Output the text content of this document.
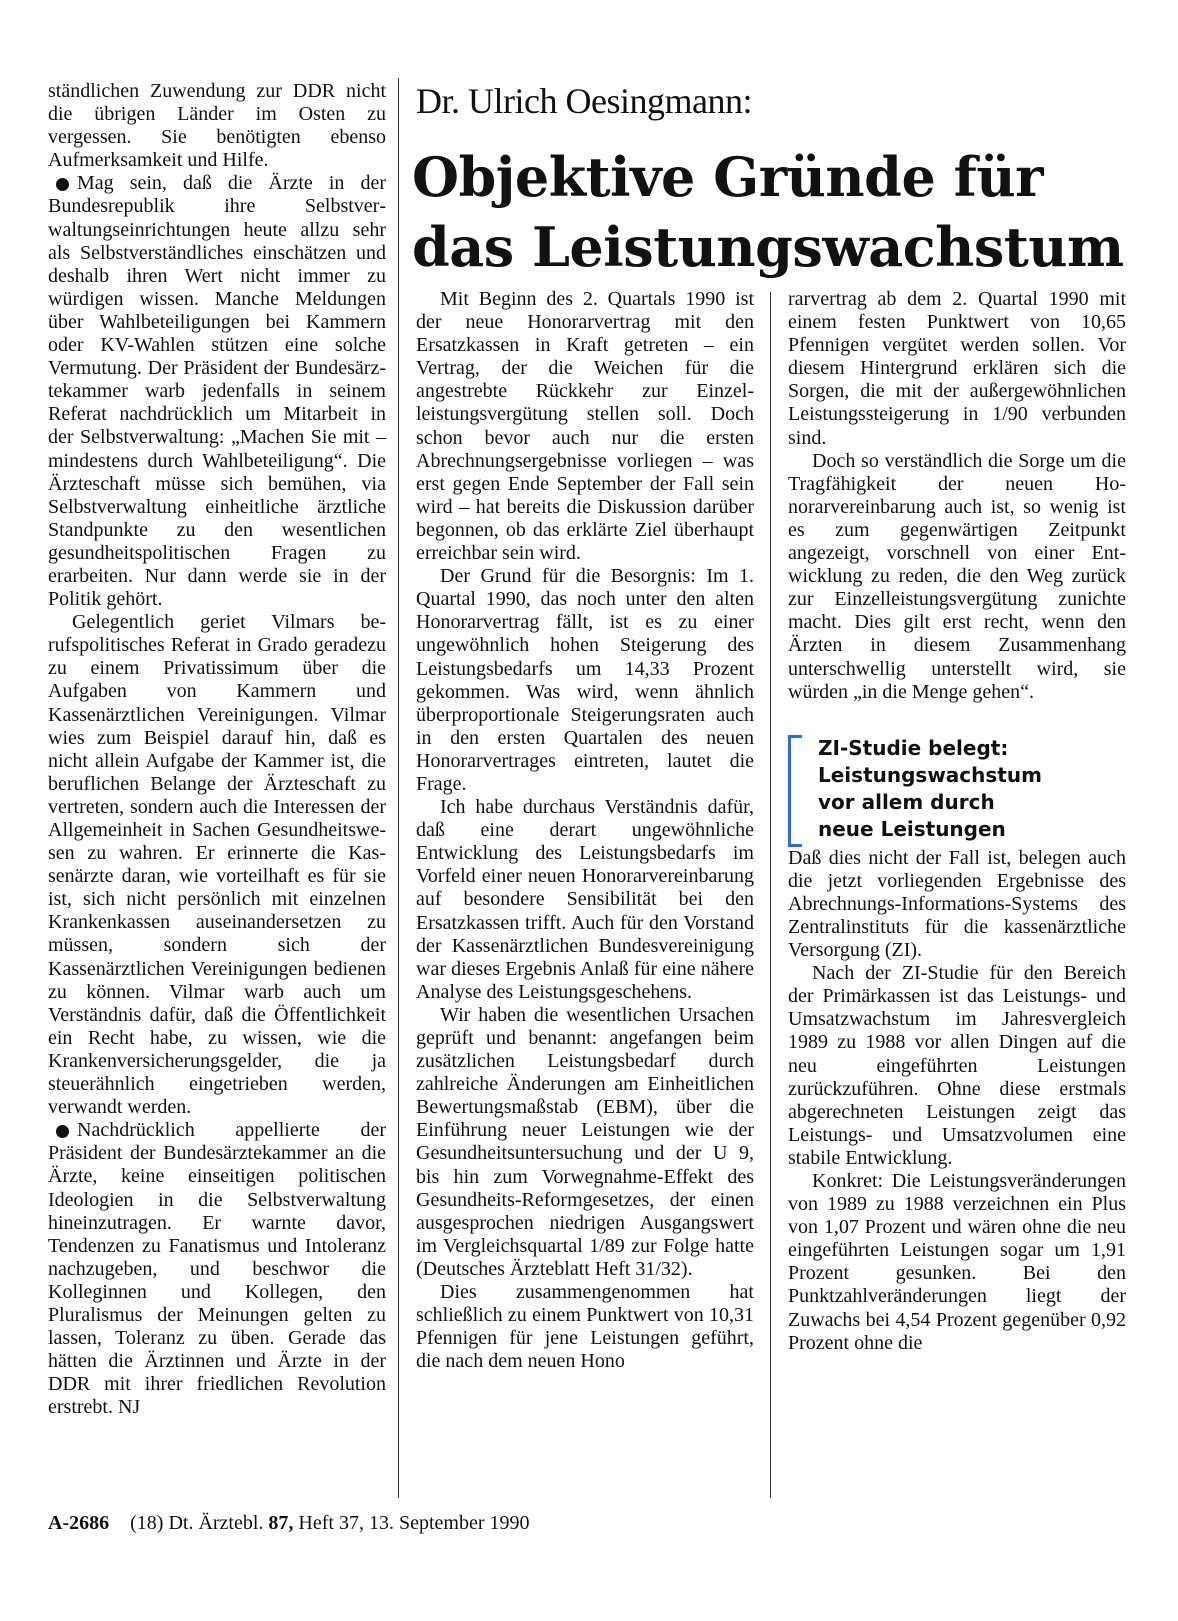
ständlichen Zuwendung zur DDR nicht die übrigen Länder im Osten zu vergessen. Sie benötigten ebenso Aufmerksamkeit und Hilfe.

Mag sein, daß die Ärzte in der Bundesrepublik ihre Selbstverwaltungseinrichtungen heute allzu sehr als Selbstverständliches einschätzen und deshalb ihren Wert nicht immer zu würdigen wissen. Manche Meldungen über Wahlbeteiligungen bei Kammern oder KV-Wahlen stützen eine solche Vermutung. Der Präsident der Bundesärztekammer warb jedenfalls in seinem Referat nachdrücklich um Mitarbeit in der Selbstverwaltung: „Machen Sie mit – mindestens durch Wahlbeteiligung“. Die Ärzteschaft müsse sich bemühen, via Selbstverwaltung einheitliche ärztliche Standpunkte zu den wesentlichen gesundheitspolitischen Fragen zu erarbeiten. Nur dann werde sie in der Politik gehört.

Gelegentlich geriet Vilmars berufspolitisches Referat in Grado geradezu zu einem Privatissimum über die Aufgaben von Kammern und Kassenärztlichen Vereinigungen. Vilmar wies zum Beispiel darauf hin, daß es nicht allein Aufgabe der Kammer ist, die beruflichen Belange der Ärzteschaft zu vertreten, sondern auch die Interessen der Allgemeinheit in Sachen Gesundheitswesen zu wahren. Er erinnerte die Kassenärzte daran, wie vorteilhaft es für sie ist, sich nicht persönlich mit einzelnen Krankenkassen auseinandersetzen zu müssen, sondern sich der Kassenärztlichen Vereinigungen bedienen zu können. Vilmar warb auch um Verständnis dafür, daß die Öffentlichkeit ein Recht habe, zu wissen, wie die Krankenversicherungsgelder, die ja steuerähnlich eingetrieben werden, verwandt werden.

Nachdrücklich appellierte der Präsident der Bundesärztekammer an die Ärzte, keine einseitigen politischen Ideologien in die Selbstverwaltung hineinzutragen. Er warnte davor, Tendenzen zu Fanatismus und Intoleranz nachzugeben, und beschwor die Kolleginnen und Kollegen, den Pluralismus der Meinungen gelten zu lassen, Toleranz zu üben. Gerade das hätten die Ärztinnen und Ärzte in der DDR mit ihrer friedlichen Revolution erstrebt. NJ

Dr. Ulrich Oesingmann:
Objektive Gründe für
das Leistungswachstum

Mit Beginn des 2. Quartals 1990 ist der neue Honorarvertrag mit den Ersatzkassen in Kraft getreten – ein Vertrag, der die Weichen für die angestrebte Rückkehr zur Einzelleistungsvergütung stellen soll. Doch schon bevor auch nur die ersten Abrechnungsergebnisse vorliegen – was erst gegen Ende September der Fall sein wird – hat bereits die Diskussion darüber begonnen, ob das erklärte Ziel überhaupt erreichbar sein wird.

Der Grund für die Besorgnis: Im 1. Quartal 1990, das noch unter den alten Honorarvertrag fällt, ist es zu einer ungewöhnlich hohen Steigerung des Leistungsbedarfs um 14,33 Prozent gekommen. Was wird, wenn ähnlich überproportionale Steigerungsraten auch in den ersten Quartalen des neuen Honorarvertrages eintreten, lautet die Frage.

Ich habe durchaus Verständnis dafür, daß eine derart ungewöhnliche Entwicklung des Leistungsbedarfs im Vorfeld einer neuen Honorarvereinbarung auf besondere Sensibilität bei den Ersatzkassen trifft. Auch für den Vorstand der Kassenärztlichen Bundesvereinigung war dieses Ergebnis Anlaß für eine nähere Analyse des Leistungsgeschehens.

Wir haben die wesentlichen Ursachen geprüft und benannt: angefangen beim zusätzlichen Leistungsbedarf durch zahlreiche Änderungen am Einheitlichen Bewertungsmaßstab (EBM), über die Einführung neuer Leistungen wie der Gesundheitsuntersuchung und der U 9, bis hin zum Vorwegnahme-Effekt des Gesundheits-Reformgesetzes, der einen ausgesprochen niedrigen Ausgangswert im Vergleichsquartal 1/89 zur Folge hatte (Deutsches Ärzteblatt Heft 31/32).

Dies zusammengenommen hat schließlich zu einem Punktwert von 10,31 Pfennigen für jene Leistungen geführt, die nach dem neuen Hono

rarvertrag ab dem 2. Quartal 1990 mit einem festen Punktwert von 10,65 Pfennigen vergütet werden sollen. Vor diesem Hintergrund erklären sich die Sorgen, die mit der außergewöhnlichen Leistungssteigerung in 1/90 verbunden sind.

Doch so verständlich die Sorge um die Tragfähigkeit der neuen Honorarvereinbarung auch ist, so wenig ist es zum gegenwärtigen Zeitpunkt angezeigt, vorschnell von einer Entwicklung zu reden, die den Weg zurück zur Einzelleistungsvergütung zunichte macht. Dies gilt erst recht, wenn den Ärzten in diesem Zusammenhang unterschwellig unterstellt wird, sie würden „in die Menge gehen“.

ZI-Studie belegt:
Leistungswachstum
vor allem durch
neue Leistungen

Daß dies nicht der Fall ist, belegen auch die jetzt vorliegenden Ergebnisse des Abrechnungs-Informations-Systems des Zentralinstituts für die kassenärztliche Versorgung (ZI).

Nach der ZI-Studie für den Bereich der Primärkassen ist das Leistungs- und Umsatzwachstum im Jahresvergleich 1989 zu 1988 vor allen Dingen auf die neu eingeführten Leistungen zurückzuführen. Ohne diese erstmals abgerechneten Leistungen zeigt das Leistungs- und Umsatzvolumen eine stabile Entwicklung.

Konkret: Die Leistungsveränderungen von 1989 zu 1988 verzeichnen ein Plus von 1,07 Prozent und wären ohne die neu eingeführten Leistungen sogar um 1,91 Prozent gesunken. Bei den Punktzahlveränderungen liegt der Zuwachs bei 4,54 Prozent gegenüber 0,92 Prozent ohne die

A-2686 (18) Dt. Ärztebl. 87, Heft 37, 13. September 1990
